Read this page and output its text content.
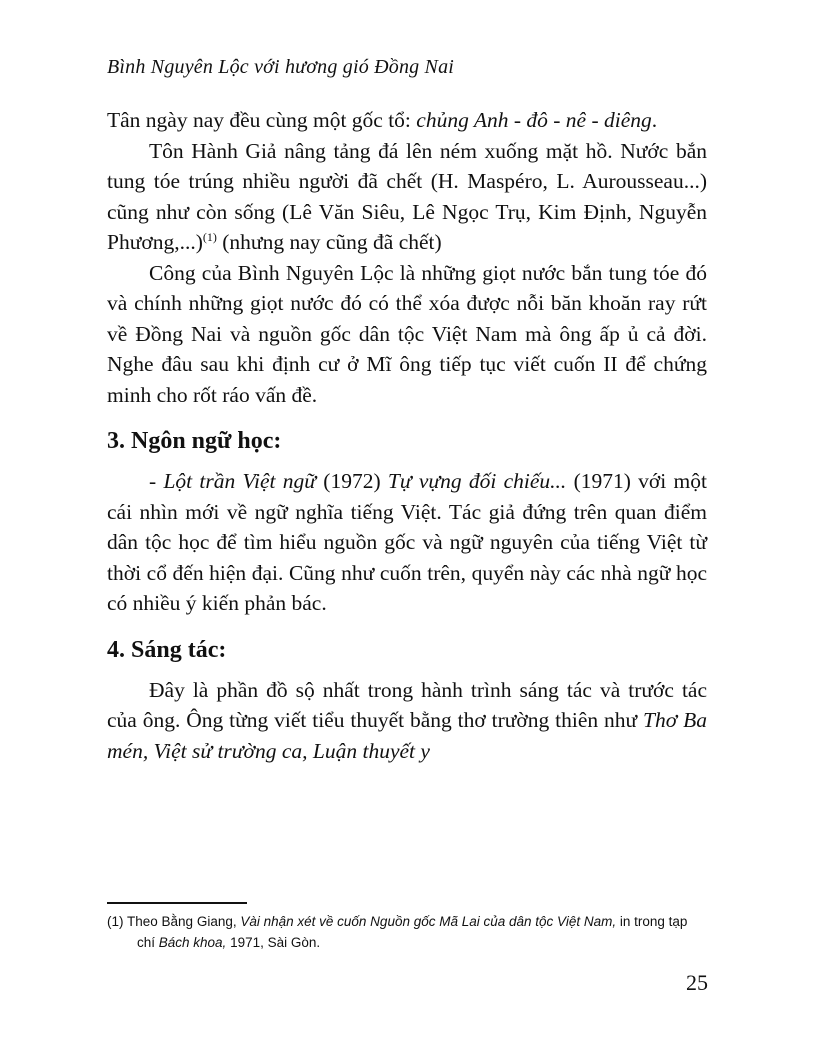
Bình Nguyên Lộc với hương gió Đồng Nai

Tân ngày nay đều cùng một gốc tổ: chủng Anh - đô - nê - diêng.

Tôn Hành Giả nâng tảng đá lên ném xuống mặt hồ. Nước bắn tung tóe trúng nhiều người đã chết (H. Maspéro, L. Aurousseau...) cũng như còn sống (Lê Văn Siêu, Lê Ngọc Trụ, Kim Định, Nguyễn Phương,...)$^{(1)}$ (nhưng nay cũng đã chết)

Công của Bình Nguyên Lộc là những giọt nước bắn tung tóe đó và chính những giọt nước đó có thể xóa được nỗi băn khoăn ray rứt về Đồng Nai và nguồn gốc dân tộc Việt Nam mà ông ấp ủ cả đời. Nghe đâu sau khi định cư ở Mĩ ông tiếp tục viết cuốn II để chứng minh cho rốt ráo vấn đề.

3. Ngôn ngữ học:

- Lột trần Việt ngữ (1972) Tự vựng đối chiếu... (1971) với một cái nhìn mới về ngữ nghĩa tiếng Việt. Tác giả đứng trên quan điểm dân tộc học để tìm hiểu nguồn gốc và ngữ nguyên của tiếng Việt từ thời cổ đến hiện đại. Cũng như cuốn trên, quyển này các nhà ngữ học có nhiều ý kiến phản bác.

4. Sáng tác:

Đây là phần đồ sộ nhất trong hành trình sáng tác và trước tác của ông. Ông từng viết tiểu thuyết bằng thơ trường thiên như Thơ Ba mén, Việt sử trường ca, Luận thuyết y

(1) Theo Bằng Giang, Vài nhận xét về cuốn Nguồn gốc Mã Lai của dân tộc Việt Nam, in trong tạp chí Bách khoa, 1971, Sài Gòn.
25
